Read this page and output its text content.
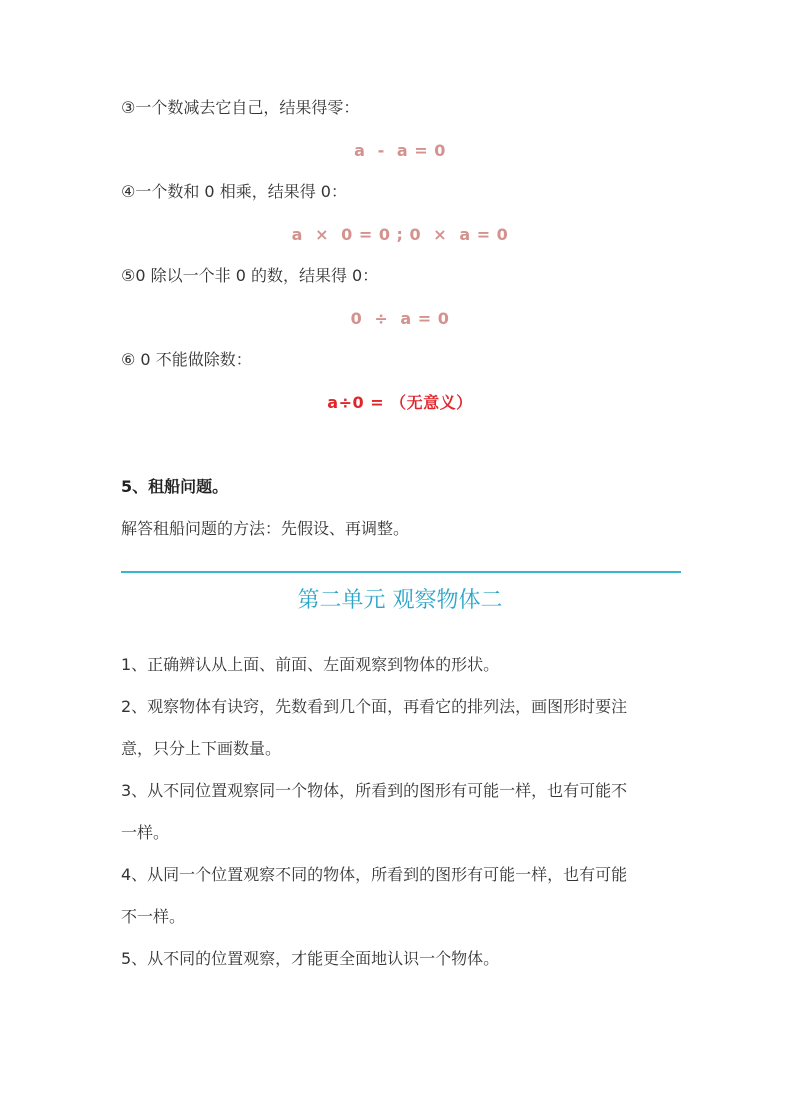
③一个数减去它自己，结果得零：
a  -  a = 0
④一个数和 0 相乘，结果得 0：
a  ×  0 = 0 ; 0  ×  a = 0
⑤0 除以一个非 0 的数，结果得 0：
0  ÷  a = 0
⑥ 0 不能做除数：
a÷0 = （无意义）
5、租船问题。
解答租船问题的方法：先假设、再调整。
第二单元 观察物体二
1、正确辨认从上面、前面、左面观察到物体的形状。
2、观察物体有诀窍，先数看到几个面，再看它的排列法，画图形时要注
意，只分上下画数量。
3、从不同位置观察同一个物体，所看到的图形有可能一样，也有可能不
一样。
4、从同一个位置观察不同的物体，所看到的图形有可能一样，也有可能
不一样。
5、从不同的位置观察，才能更全面地认识一个物体。
